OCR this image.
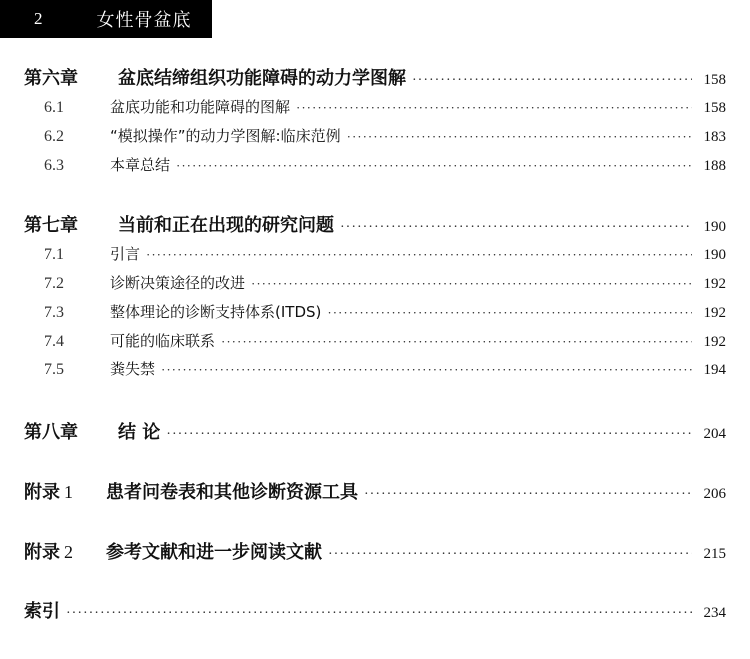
2	女性骨盆底
第六章 盆底结缔组织功能障碍的动力学图解 ·····	158
6.1	盆底功能和功能障碍的图解 ·····	158
6.2	“模拟操作”的动力学图解:临床范例 ·····	183
6.3	本章总结 ·····	188
第七章 当前和正在出现的研究问题 ·····	190
7.1	引言 ·····	190
7.2	诊断决策途径的改进 ·····	192
7.3	整体理论的诊断支持体系(ITDS) ·····	192
7.4	可能的临床联系 ·····	192
7.5	粪失禁 ·····	194
第八章 结 论 ·····	204
附录 1 患者问卷表和其他诊断资源工具 ·····	206
附录 2 参考文献和进一步阅读文献 ·····	215
索引 ·····	234
